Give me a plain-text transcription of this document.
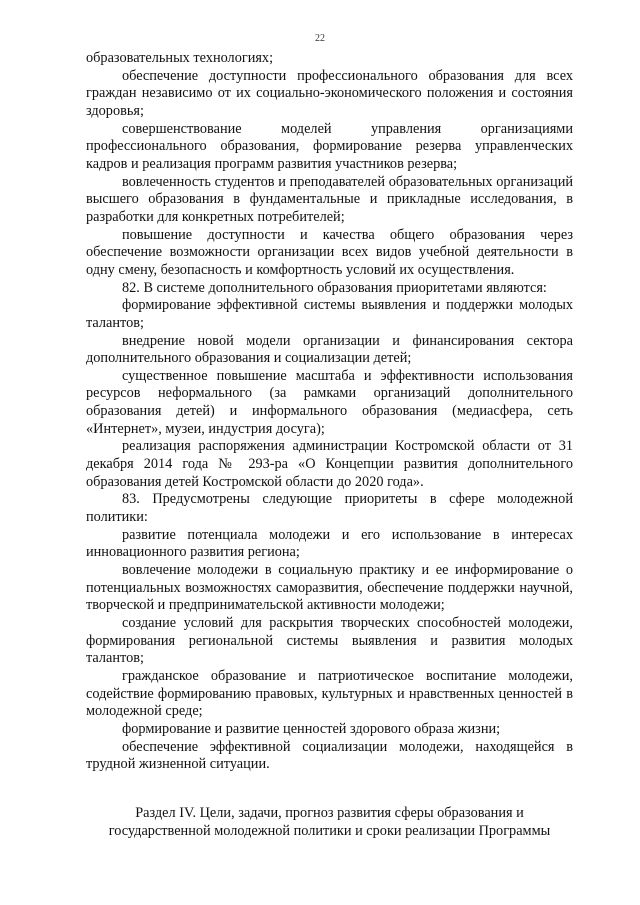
22

образовательных технологиях;

обеспечение доступности профессионального образования для всех граждан независимо от их социально-экономического положения и состояния здоровья;

совершенствование моделей управления организациями профессионального образования, формирование резерва управленческих кадров и реализация программ развития участников резерва;

вовлеченность студентов и преподавателей образовательных организаций высшего образования в фундаментальные и прикладные исследования, в разработки для конкретных потребителей;

повышение доступности и качества общего образования через обеспечение возможности организации всех видов учебной деятельности в одну смену, безопасность и комфортность условий их осуществления.

82. В системе дополнительного образования приоритетами являются:

формирование эффективной системы выявления и поддержки молодых талантов;

внедрение новой модели организации и финансирования сектора дополнительного образования и социализации детей;

существенное повышение масштаба и эффективности использования ресурсов неформального (за рамками организаций дополнительного образования детей) и информального образования (медиасфера, сеть «Интернет», музеи, индустрия досуга);

реализация распоряжения администрации Костромской области от 31 декабря 2014 года № 293-ра «О Концепции развития дополнительного образования детей Костромской области до 2020 года».

83. Предусмотрены следующие приоритеты в сфере молодежной политики:

развитие потенциала молодежи и его использование в интересах инновационного развития региона;

вовлечение молодежи в социальную практику и ее информирование о потенциальных возможностях саморазвития, обеспечение поддержки научной, творческой и предпринимательской активности молодежи;

создание условий для раскрытия творческих способностей молодежи, формирования региональной системы выявления и развития молодых талантов;

гражданское образование и патриотическое воспитание молодежи, содействие формированию правовых, культурных и нравственных ценностей в молодежной среде;

формирование и развитие ценностей здорового образа жизни;

обеспечение эффективной социализации молодежи, находящейся в трудной жизненной ситуации.

Раздел IV. Цели, задачи, прогноз развития сферы образования и
государственной молодежной политики и сроки реализации Программы
